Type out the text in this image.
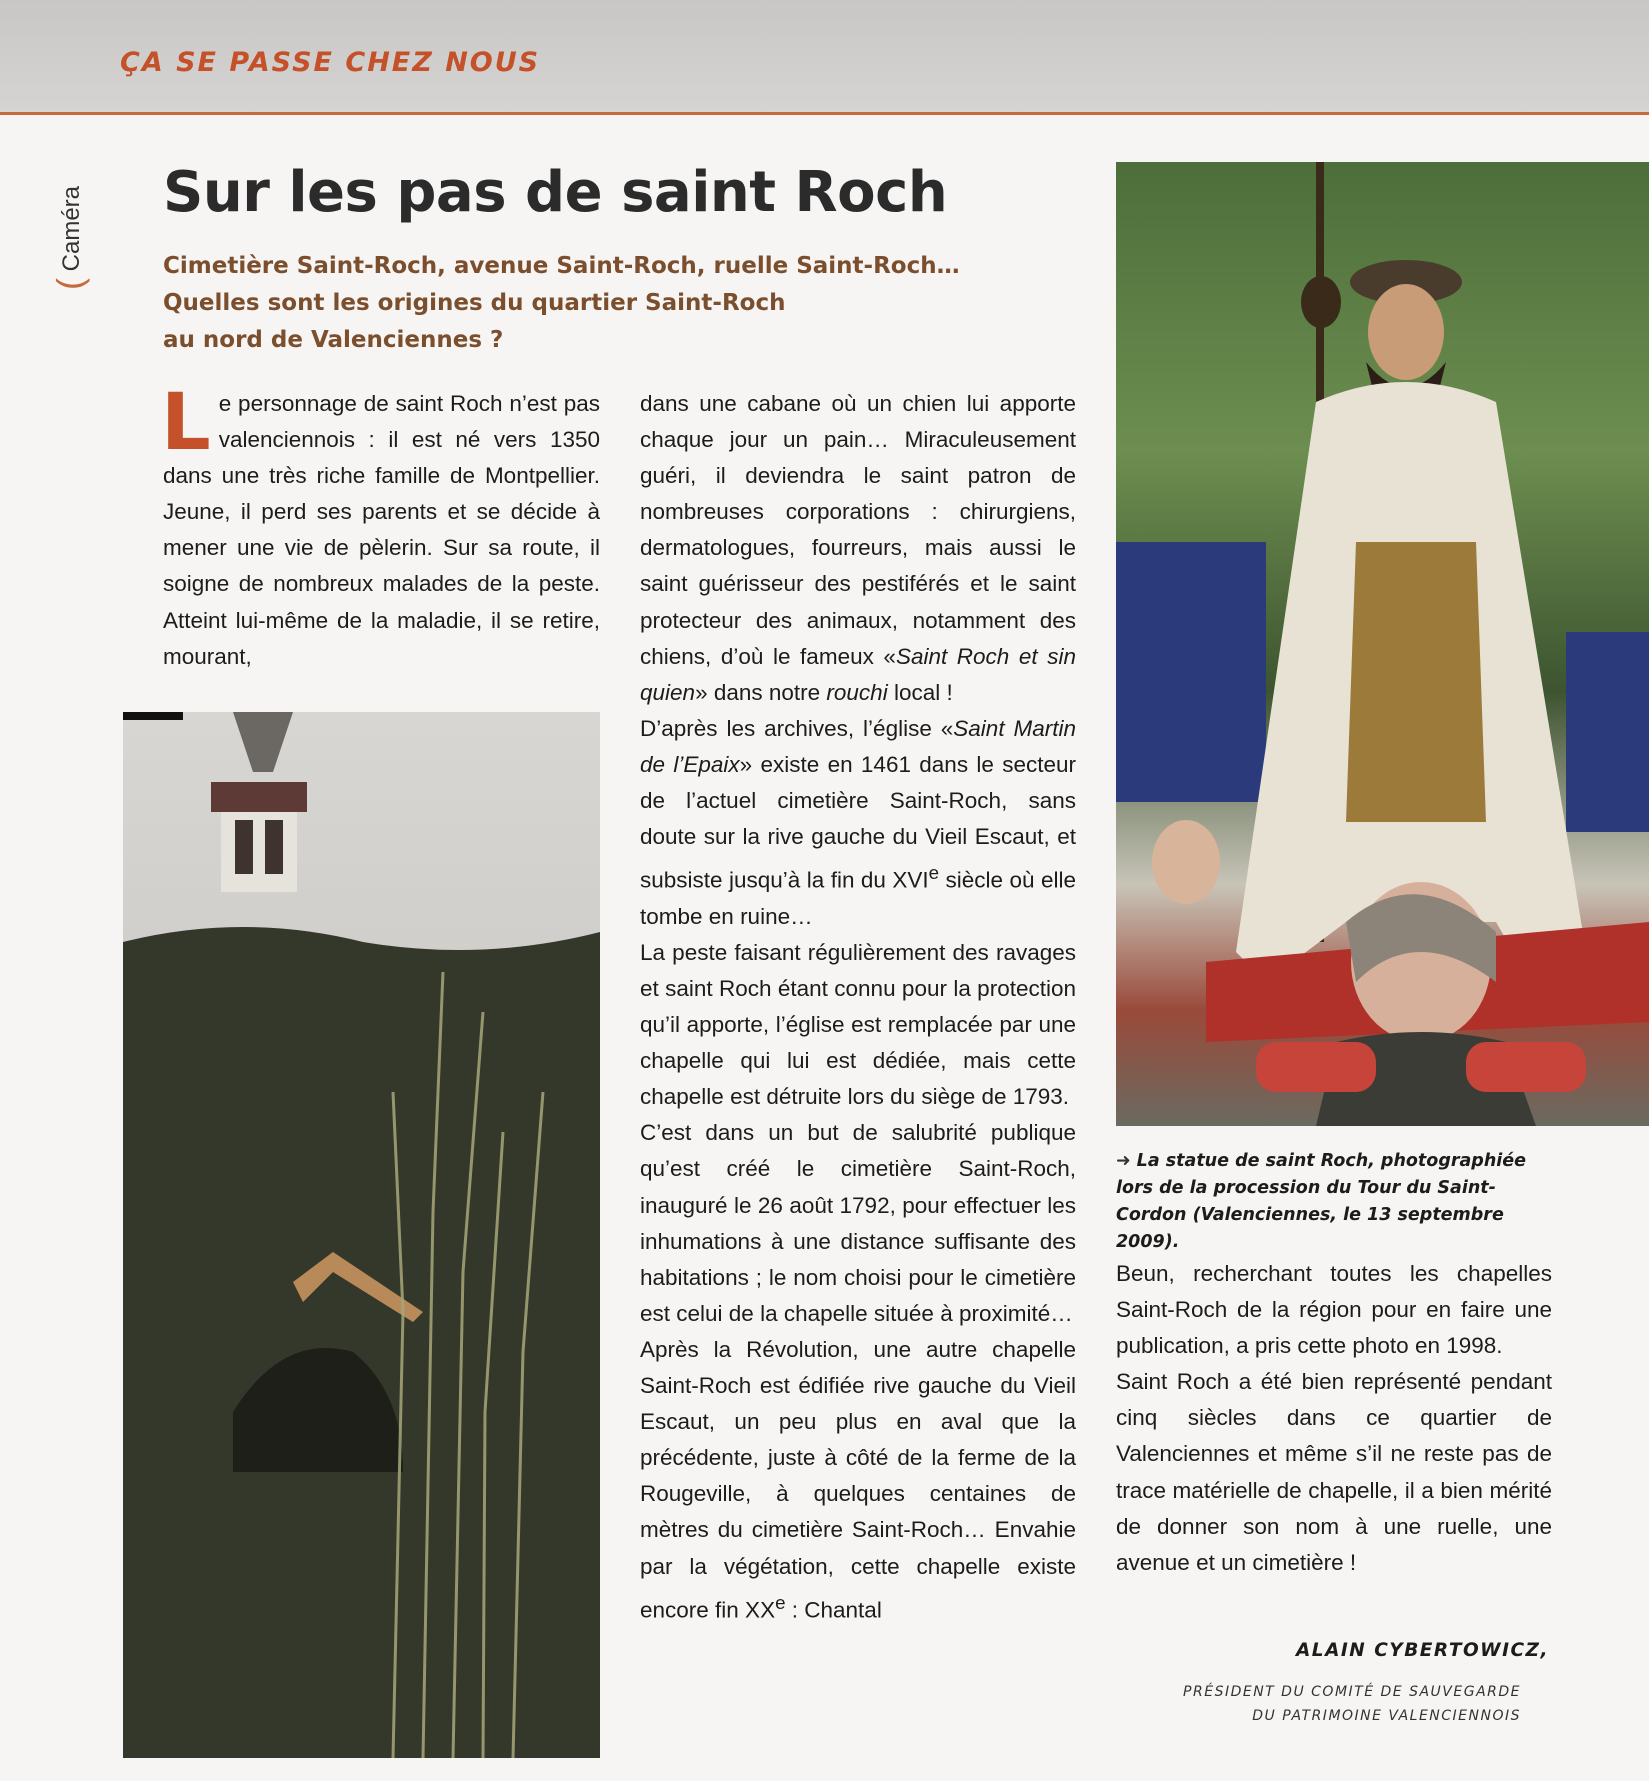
ÇA SE PASSE CHEZ NOUS
( Caméra Sur les pas de saint Roch
Cimetière Saint-Roch, avenue Saint-Roch, ruelle Saint-Roch…
Quelles sont les origines du quartier Saint-Roch
au nord de Valenciennes ?

Le personnage de saint Roch n’est pas valenciennois : il est né vers 1350 dans une très riche famille de Montpellier. Jeune, il perd ses parents et se décide à mener une vie de pèlerin. Sur sa route, il soigne de nombreux malades de la peste. Atteint lui-même de la maladie, il se retire, mourant,

dans une cabane où un chien lui apporte chaque jour un pain… Miraculeusement guéri, il deviendra le saint patron de nombreuses corporations : chirurgiens, dermatologues, fourreurs, mais aussi le saint guérisseur des pestiférés et le saint protecteur des animaux, notamment des chiens, d’où le fameux «Saint Roch et sin quien» dans notre rouchi local !

D’après les archives, l’église «Saint Martin de l’Epaix» existe en 1461 dans le secteur de l’actuel cimetière Saint-Roch, sans doute sur la rive gauche du Vieil Escaut, et subsiste jusqu’à la fin du XVIe siècle où elle tombe en ruine…

La peste faisant régulièrement des ravages et saint Roch étant connu pour la protection qu’il apporte, l’église est remplacée par une chapelle qui lui est dédiée, mais cette chapelle est détruite lors du siège de 1793.

C’est dans un but de salubrité publique qu’est créé le cimetière Saint-Roch, inauguré le 26 août 1792, pour effectuer les inhumations à une distance suffisante des habitations ; le nom choisi pour le cimetière est celui de la chapelle située à proximité…

Après la Révolution, une autre chapelle Saint-Roch est édifiée rive gauche du Vieil Escaut, un peu plus en aval que la précédente, juste à côté de la ferme de la Rougeville, à quelques centaines de mètres du cimetière Saint-Roch… Envahie par la végétation, cette chapelle existe encore fin XXe : Chantal

➜ La statue de saint Roch, photographiée lors de la procession du Tour du Saint-Cordon (Valenciennes, le 13 septembre 2009).

Beun, recherchant toutes les chapelles Saint-Roch de la région pour en faire une publication, a pris cette photo en 1998.

Saint Roch a été bien représenté pendant cinq siècles dans ce quartier de Valenciennes et même s’il ne reste pas de trace matérielle de chapelle, il a bien mérité de donner son nom à une ruelle, une avenue et un cimetière !

ALAIN CYBERTOWICZ,
PRÉSIDENT DU COMITÉ DE SAUVEGARDE
DU PATRIMOINE VALENCIENNOIS
